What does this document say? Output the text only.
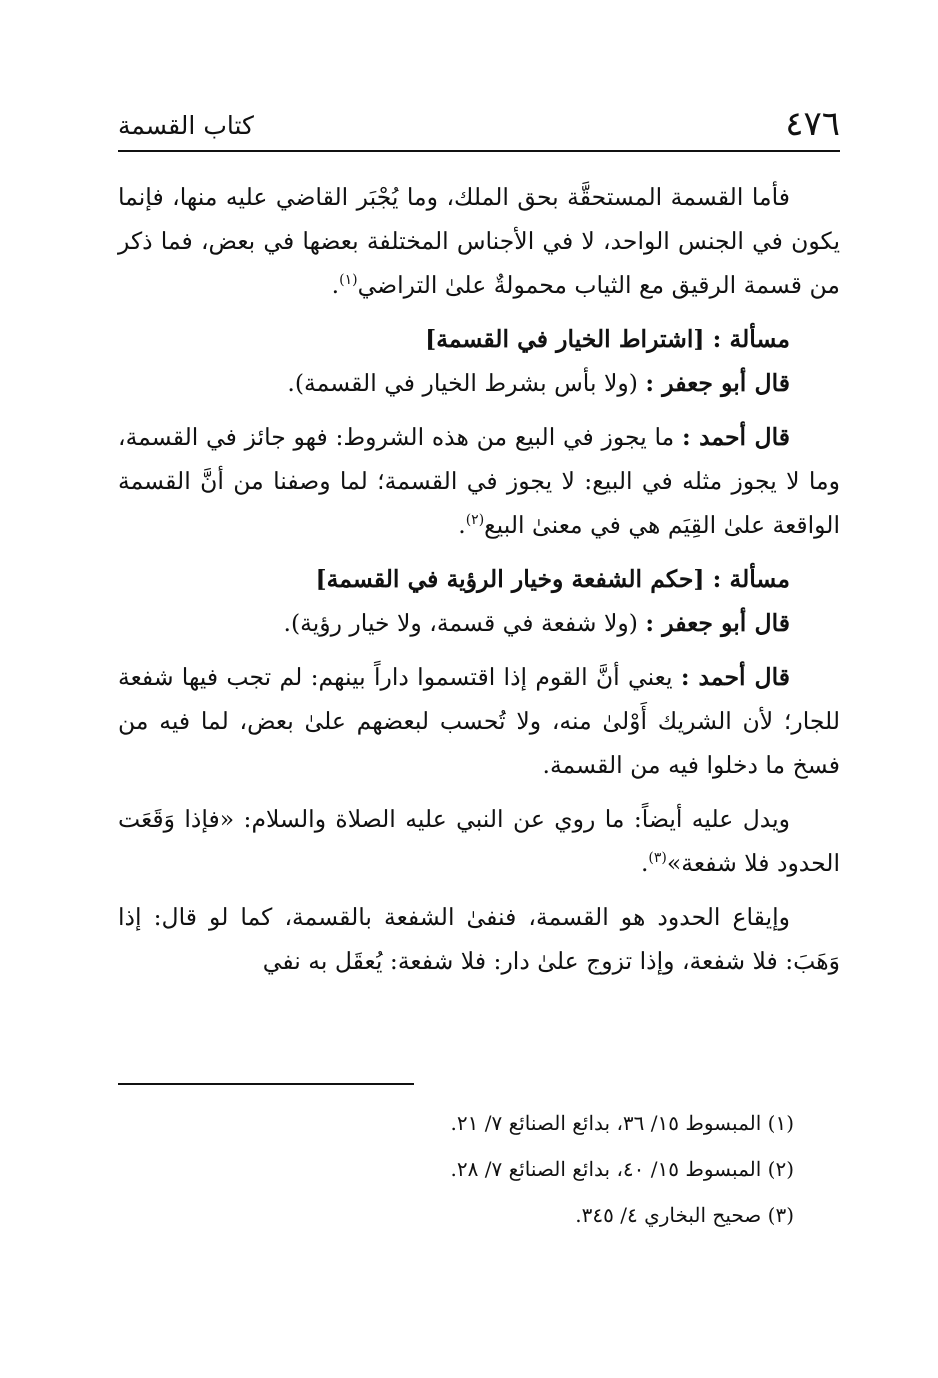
٤٧٦
كتاب القسمة

فأما القسمة المستحقَّة بحق الملك، وما يُجْبَر القاضي عليه منها، فإنما يكون في الجنس الواحد، لا في الأجناس المختلفة بعضها في بعض، فما ذكر من قسمة الرقيق مع الثياب محمولةٌ علىٰ التراضي$^{(١)}$.

مسألة : [اشتراط الخيار في القسمة]

قال أبو جعفر : (ولا بأس بشرط الخيار في القسمة).

قال أحمد : ما يجوز في البيع من هذه الشروط: فهو جائز في القسمة، وما لا يجوز مثله في البيع: لا يجوز في القسمة؛ لما وصفنا من أنَّ القسمة الواقعة علىٰ القِيَم هي في معنىٰ البيع$^{(٢)}$.

مسألة : [حكم الشفعة وخيار الرؤية في القسمة]

قال أبو جعفر : (ولا شفعة في قسمة، ولا خيار رؤية).

قال أحمد : يعني أنَّ القوم إذا اقتسموا داراً بينهم: لم تجب فيها شفعة للجار؛ لأن الشريك أَوْلىٰ منه، ولا تُحسب لبعضهم علىٰ بعض، لما فيه من فسخ ما دخلوا فيه من القسمة.

ويدل عليه أيضاً: ما روي عن النبي عليه الصلاة والسلام: «فإذا وَقَعَت الحدود فلا شفعة»$^{(٣)}$.

وإيقاع الحدود هو القسمة، فنفىٰ الشفعة بالقسمة، كما لو قال: إذا وَهَبَ: فلا شفعة، وإذا تزوج علىٰ دار: فلا شفعة: يُعقَل به نفي

(١) المبسوط ١٥/ ٣٦، بدائع الصنائع ٧/ ٢١.

(٢) المبسوط ١٥/ ٤٠، بدائع الصنائع ٧/ ٢٨.

(٣) صحيح البخاري ٤/ ٣٤٥.
